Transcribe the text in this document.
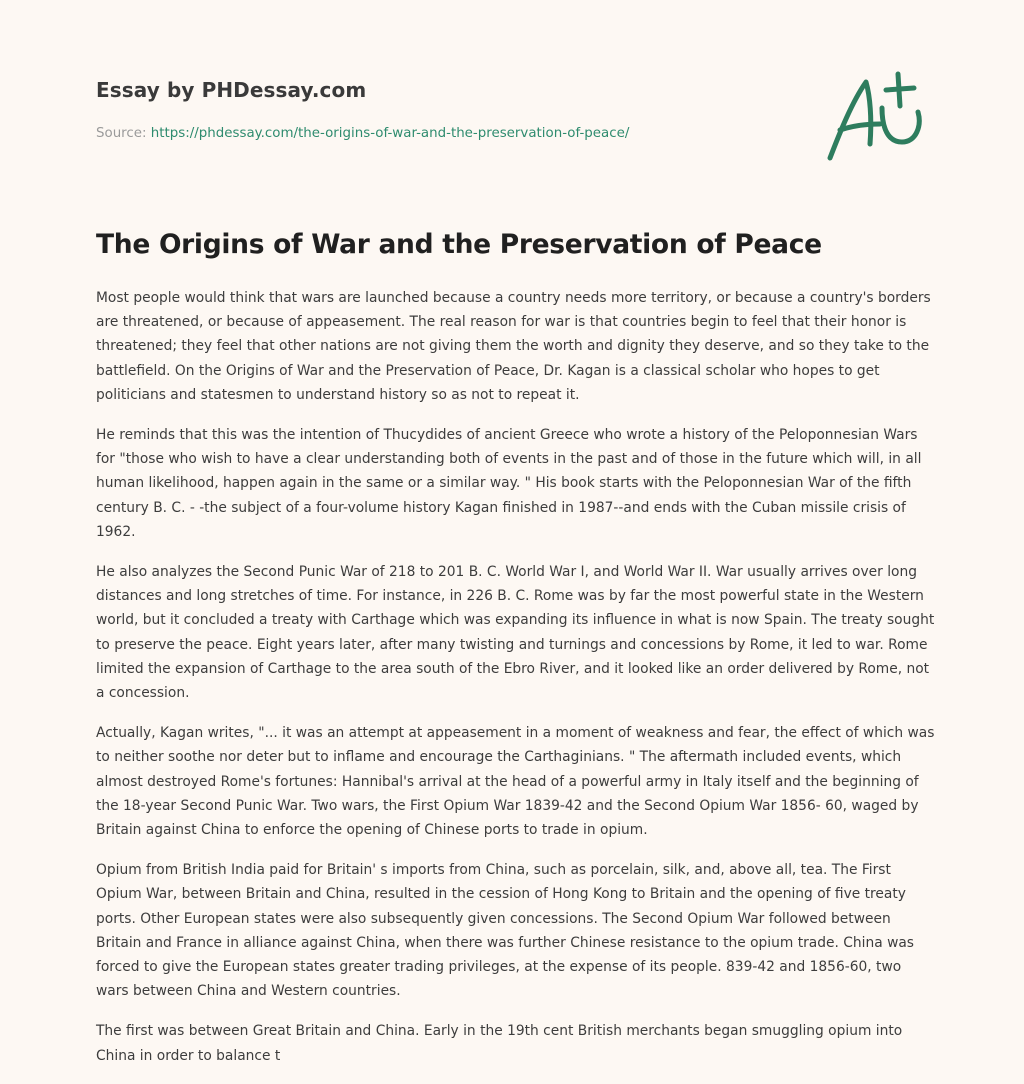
Essay by PHDessay.com
Source: https://phdessay.com/the-origins-of-war-and-the-preservation-of-peace/
The Origins of War and the Preservation of Peace

Most people would think that wars are launched because a country needs more territory, or because a country's borders are threatened, or because of appeasement. The real reason for war is that countries begin to feel that their honor is threatened; they feel that other nations are not giving them the worth and dignity they deserve, and so they take to the battlefield. On the Origins of War and the Preservation of Peace, Dr. Kagan is a classical scholar who hopes to get politicians and statesmen to understand history so as not to repeat it.

He reminds that this was the intention of Thucydides of ancient Greece who wrote a history of the Peloponnesian Wars for "those who wish to have a clear understanding both of events in the past and of those in the future which will, in all human likelihood, happen again in the same or a similar way. " His book starts with the Peloponnesian War of the fifth century B. C. - -the subject of a four-volume history Kagan finished in 1987--and ends with the Cuban missile crisis of 1962.

He also analyzes the Second Punic War of 218 to 201 B. C. World War I, and World War II. War usually arrives over long distances and long stretches of time. For instance, in 226 B. C. Rome was by far the most powerful state in the Western world, but it concluded a treaty with Carthage which was expanding its influence in what is now Spain. The treaty sought to preserve the peace. Eight years later, after many twisting and turnings and concessions by Rome, it led to war. Rome limited the expansion of Carthage to the area south of the Ebro River, and it looked like an order delivered by Rome, not a concession.

Actually, Kagan writes, "... it was an attempt at appeasement in a moment of weakness and fear, the effect of which was to neither soothe nor deter but to inflame and encourage the Carthaginians. " The aftermath included events, which almost destroyed Rome's fortunes: Hannibal's arrival at the head of a powerful army in Italy itself and the beginning of the 18-year Second Punic War. Two wars, the First Opium War 1839-42 and the Second Opium War 1856- 60, waged by Britain against China to enforce the opening of Chinese ports to trade in opium.

Opium from British India paid for Britain' s imports from China, such as porcelain, silk, and, above all, tea. The First Opium War, between Britain and China, resulted in the cession of Hong Kong to Britain and the opening of five treaty ports. Other European states were also subsequently given concessions. The Second Opium War followed between Britain and France in alliance against China, when there was further Chinese resistance to the opium trade. China was forced to give the European states greater trading privileges, at the expense of its people. 839-42 and 1856-60, two wars between China and Western countries.

The first was between Great Britain and China. Early in the 19th cent British merchants began smuggling opium into China in order to balance t
